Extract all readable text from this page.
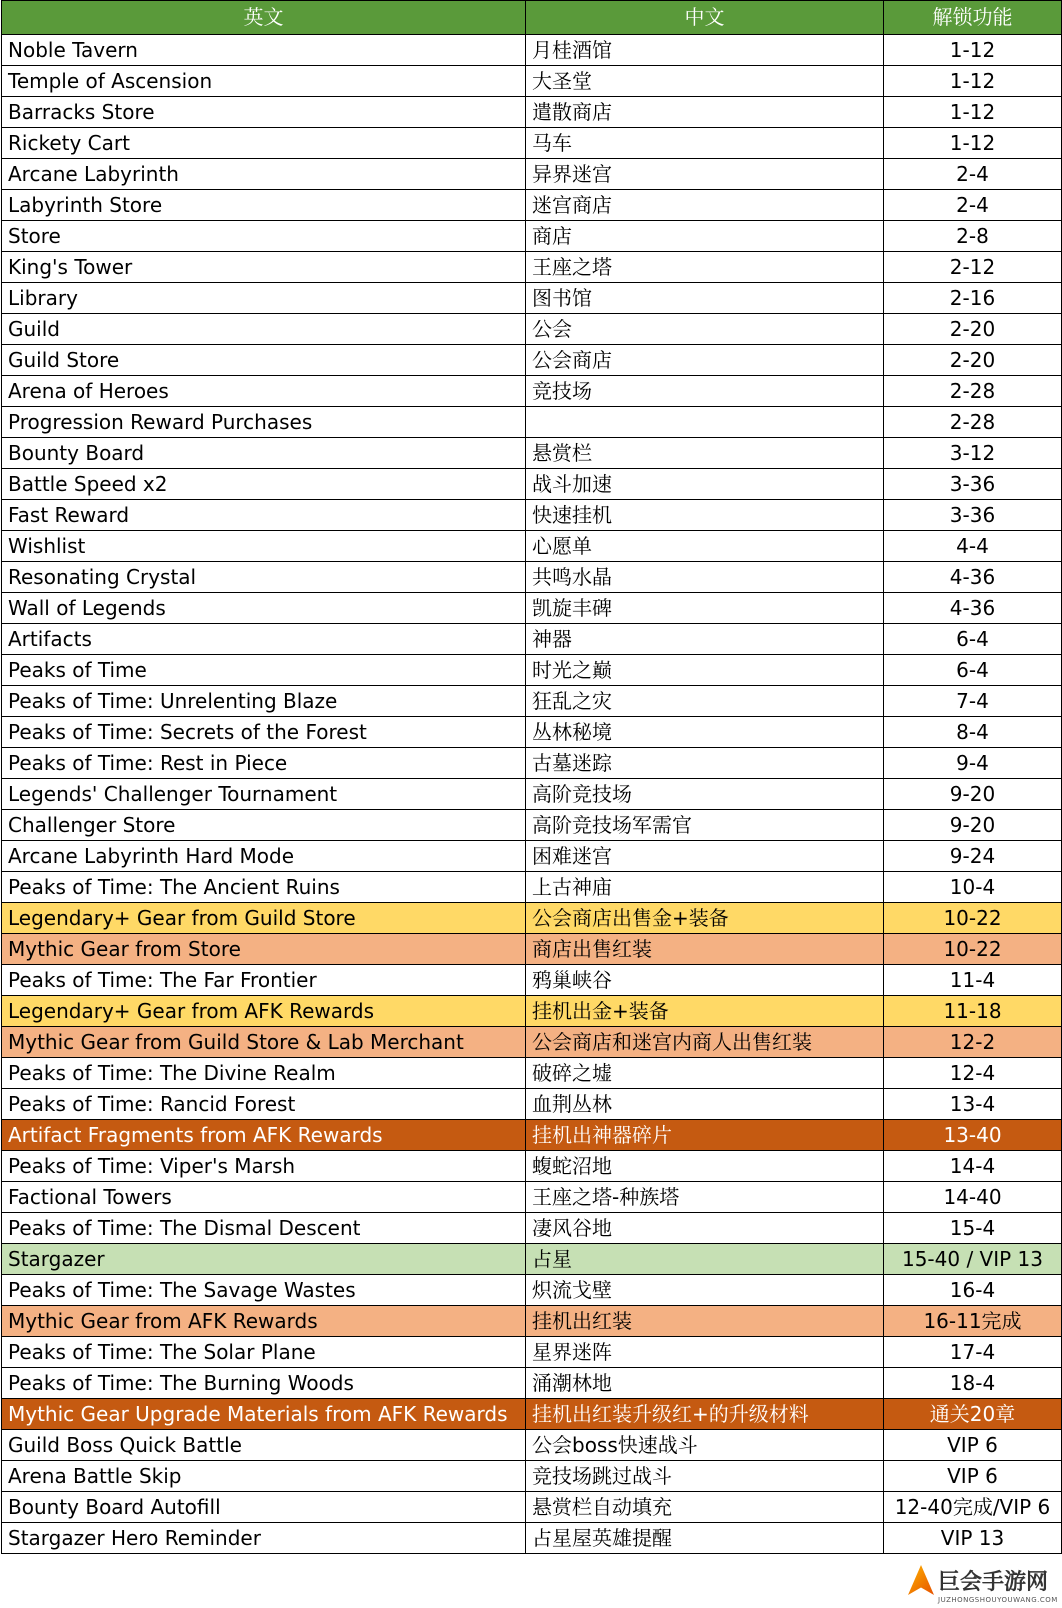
英文	中文	解锁功能
Noble Tavern	月桂酒馆	1-12
Temple of Ascension	大圣堂	1-12
Barracks Store	遣散商店	1-12
Rickety Cart	马车	1-12
Arcane Labyrinth	异界迷宫	2-4
Labyrinth Store	迷宫商店	2-4
Store	商店	2-8
King's Tower	王座之塔	2-12
Library	图书馆	2-16
Guild	公会	2-20
Guild Store	公会商店	2-20
Arena of Heroes	竞技场	2-28
Progression Reward Purchases		2-28
Bounty Board	悬赏栏	3-12
Battle Speed x2	战斗加速	3-36
Fast Reward	快速挂机	3-36
Wishlist	心愿单	4-4
Resonating Crystal	共鸣水晶	4-36
Wall of Legends	凯旋丰碑	4-36
Artifacts	神器	6-4
Peaks of Time	时光之巅	6-4
Peaks of Time: Unrelenting Blaze	狂乱之灾	7-4
Peaks of Time: Secrets of the Forest	丛林秘境	8-4
Peaks of Time: Rest in Piece	古墓迷踪	9-4
Legends' Challenger Tournament	高阶竞技场	9-20
Challenger Store	高阶竞技场军需官	9-20
Arcane Labyrinth Hard Mode	困难迷宫	9-24
Peaks of Time: The Ancient Ruins	上古神庙	10-4
Legendary+ Gear from Guild Store	公会商店出售金+装备	10-22
Mythic Gear from Store	商店出售红装	10-22
Peaks of Time: The Far Frontier	鸦巢峡谷	11-4
Legendary+ Gear from AFK Rewards	挂机出金+装备	11-18
Mythic Gear from Guild Store & Lab Merchant	公会商店和迷宫内商人出售红装	12-2
Peaks of Time: The Divine Realm	破碎之墟	12-4
Peaks of Time: Rancid Forest	血荆丛林	13-4
Artifact Fragments from AFK Rewards	挂机出神器碎片	13-40
Peaks of Time: Viper's Marsh	蝮蛇沼地	14-4
Factional Towers	王座之塔-种族塔	14-40
Peaks of Time: The Dismal Descent	凄风谷地	15-4
Stargazer	占星	15-40 / VIP 13
Peaks of Time: The Savage Wastes	炽流戈壁	16-4
Mythic Gear from AFK Rewards	挂机出红装	16-11完成
Peaks of Time: The Solar Plane	星界迷阵	17-4
Peaks of Time: The Burning Woods	涌潮林地	18-4
Mythic Gear Upgrade Materials from AFK Rewards	挂机出红装升级红+的升级材料	通关20章
Guild Boss Quick Battle	公会boss快速战斗	VIP 6
Arena Battle Skip	竞技场跳过战斗	VIP 6
Bounty Board Autofill	悬赏栏自动填充	12-40完成/VIP 6
Stargazer Hero Reminder	占星屋英雄提醒	VIP 13
巨会手游网
JUZHONGSHOUYOUWANG.COM
